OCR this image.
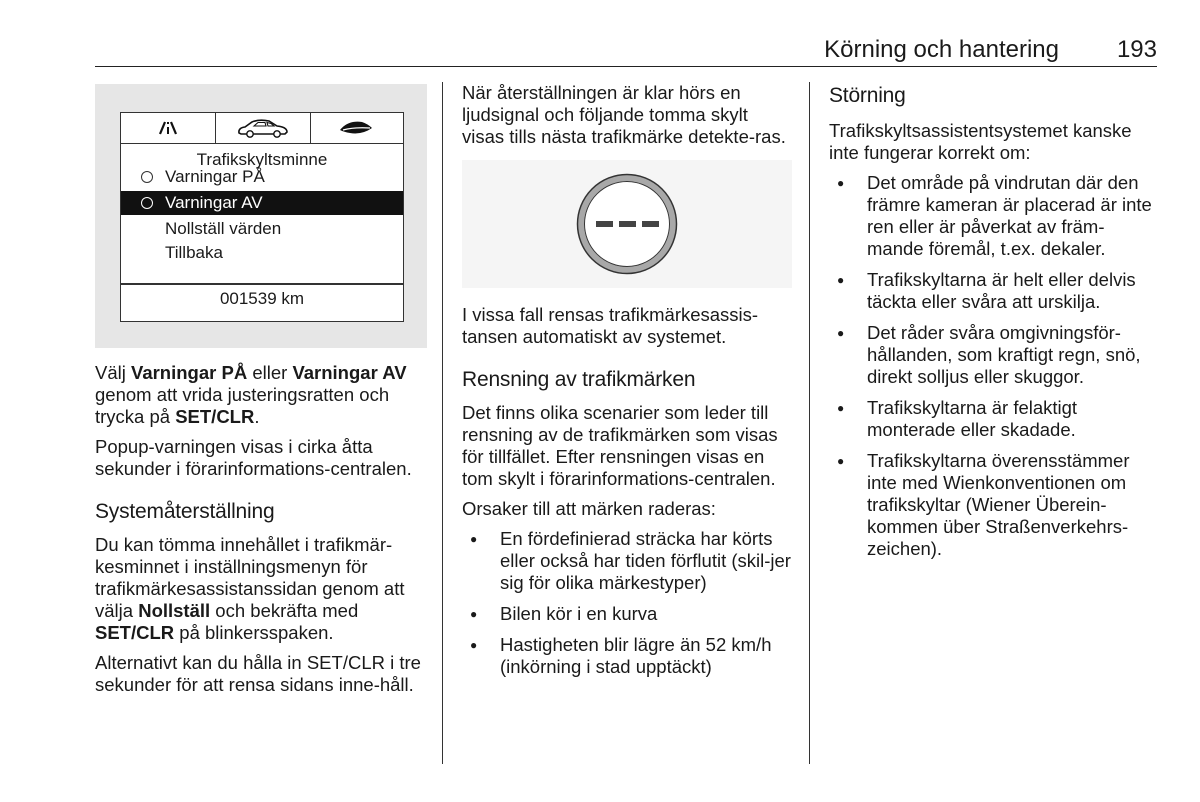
Körning och hantering 193
Trafikskyltsminne
Varningar PÅ
Varningar AV
Nollställ värden
Tillbaka
001539 km

Välj Varningar PÅ eller Varningar AV genom att vrida justeringsratten och trycka på SET/CLR.

Popup-varningen visas i cirka åtta sekunder i förarinformations-centralen.

Systemåterställning

Du kan tömma innehållet i trafikmär-kesminnet i inställningsmenyn för trafikmärkesassistanssidan genom att välja Nollställ och bekräfta med SET/CLR på blinkersspaken.

Alternativt kan du hålla in SET/CLR i tre sekunder för att rensa sidans inne-håll.

När återställningen är klar hörs en ljudsignal och följande tomma skylt visas tills nästa trafikmärke detekte-ras.

I vissa fall rensas trafikmärkesassis-tansen automatiskt av systemet.

Rensning av trafikmärken

Det finns olika scenarier som leder till rensning av de trafikmärken som visas för tillfället. Efter rensningen visas en tom skylt i förarinformations-centralen.

Orsaker till att märken raderas:

● En fördefinierad sträcka har körts eller också har tiden förflutit (skil-jer sig för olika märkestyper)
● Bilen kör i en kurva
● Hastigheten blir lägre än 52 km/h (inkörning i stad upptäckt)
Störning

Trafikskyltsassistentsystemet kanske inte fungerar korrekt om:

● Det område på vindrutan där den främre kameran är placerad är inte ren eller är påverkat av främ-mande föremål, t.ex. dekaler.
● Trafikskyltarna är helt eller delvis täckta eller svåra att urskilja.
● Det råder svåra omgivningsför-hållanden, som kraftigt regn, snö, direkt solljus eller skuggor.
● Trafikskyltarna är felaktigt monterade eller skadade.
● Trafikskyltarna överensstämmer inte med Wienkonventionen om trafikskyltar (Wiener Überein-kommen über Straßenverkehrs-zeichen).
